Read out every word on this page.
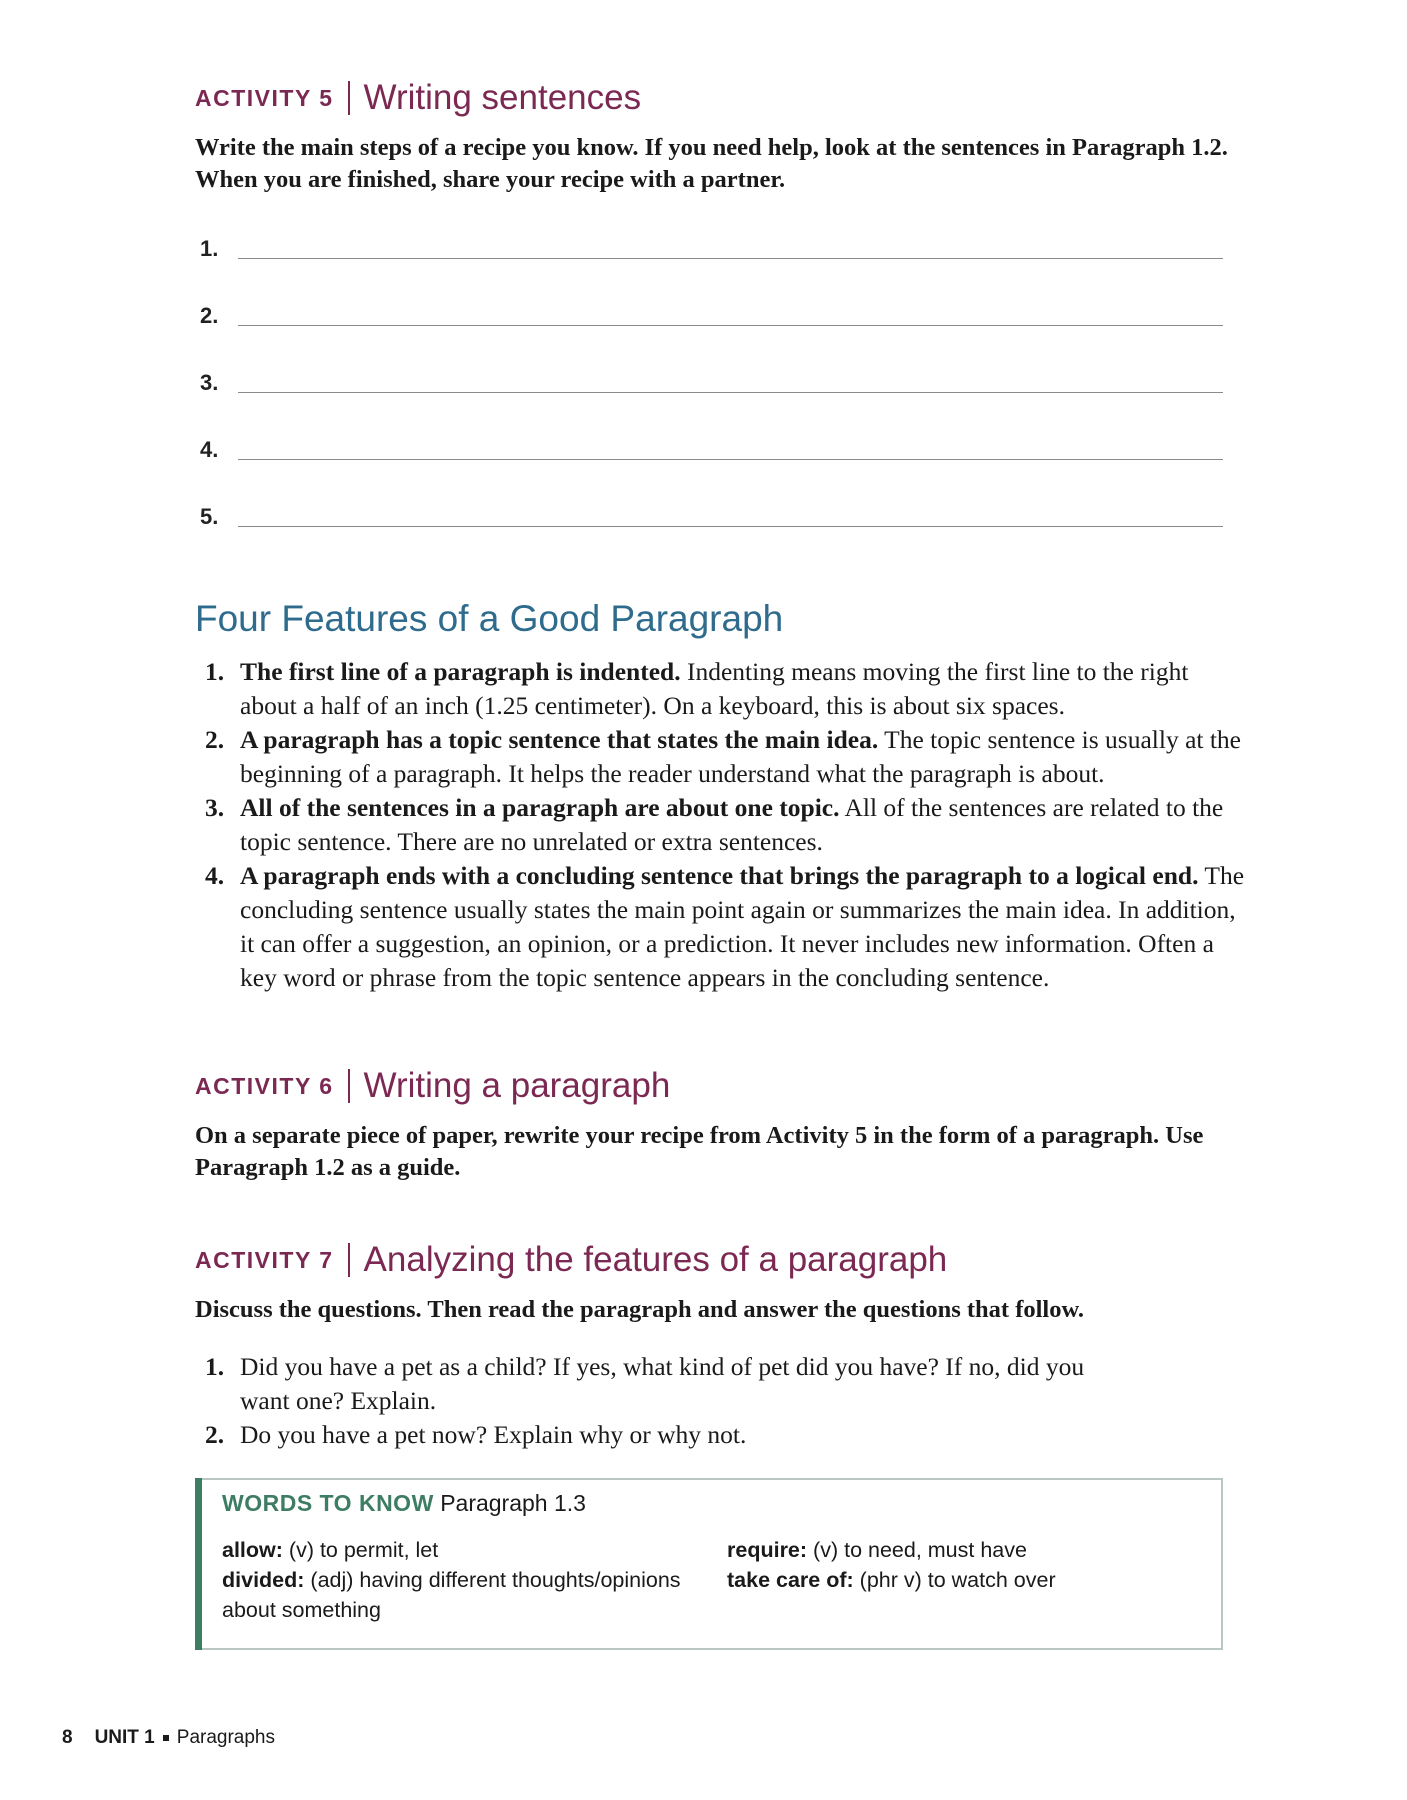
ACTIVITY 5 Writing sentences
Write the main steps of a recipe you know. If you need help, look at the sentences in Paragraph 1.2. When you are finished, share your recipe with a partner.
1.
2.
3.
4.
5.
Four Features of a Good Paragraph
1. The first line of a paragraph is indented. Indenting means moving the first line to the right about a half of an inch (1.25 centimeter). On a keyboard, this is about six spaces.
2. A paragraph has a topic sentence that states the main idea. The topic sentence is usually at the beginning of a paragraph. It helps the reader understand what the paragraph is about.
3. All of the sentences in a paragraph are about one topic. All of the sentences are related to the topic sentence. There are no unrelated or extra sentences.
4. A paragraph ends with a concluding sentence that brings the paragraph to a logical end. The concluding sentence usually states the main point again or summarizes the main idea. In addition, it can offer a suggestion, an opinion, or a prediction. It never includes new information. Often a key word or phrase from the topic sentence appears in the concluding sentence.
ACTIVITY 6 Writing a paragraph
On a separate piece of paper, rewrite your recipe from Activity 5 in the form of a paragraph. Use Paragraph 1.2 as a guide.
ACTIVITY 7 Analyzing the features of a paragraph
Discuss the questions. Then read the paragraph and answer the questions that follow.
1. Did you have a pet as a child? If yes, what kind of pet did you have? If no, did you want one? Explain.
2. Do you have a pet now? Explain why or why not.
WORDS TO KNOW Paragraph 1.3
allow: (v) to permit, let
divided: (adj) having different thoughts/opinions about something
require: (v) to need, must have
take care of: (phr v) to watch over
8 UNIT 1 Paragraphs
